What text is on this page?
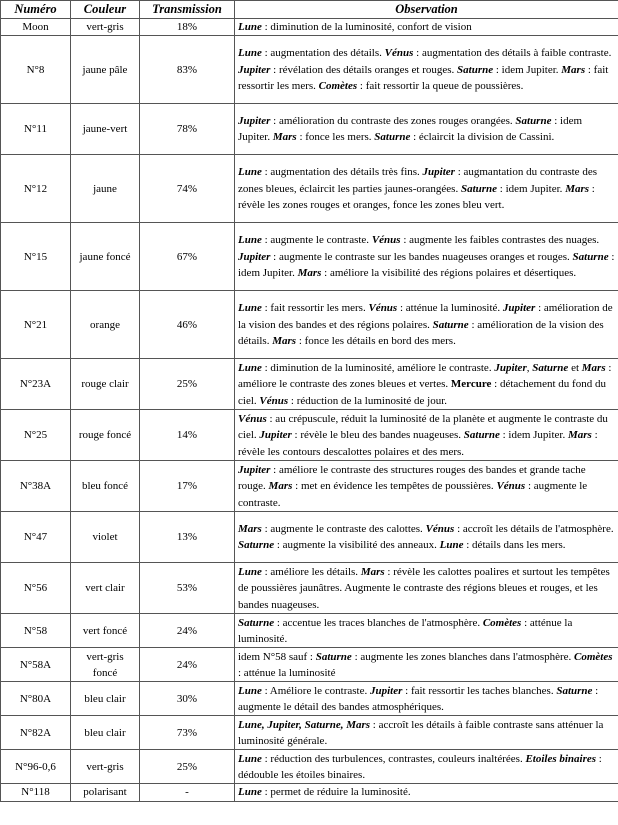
Numéro	Couleur	Transmission	Observation
Moon	vert-gris	18%	Lune : diminution de la luminosité, confort de vision
N°8	jaune pâle	83%	Lune : augmentation des détails. Vénus : augmentation des détails à faible contraste. Jupiter : révélation des détails oranges et rouges. Saturne : idem Jupiter. Mars : fait ressortir les mers. Comètes : fait ressortir la queue de poussières.
N°11	jaune-vert	78%	Jupiter : amélioration du contraste des zones rouges orangées. Saturne : idem Jupiter. Mars : fonce les mers. Saturne : éclaircit la division de Cassini.
N°12	jaune	74%	Lune : augmentation des détails très fins. Jupiter : augmantation du contraste des zones bleues, éclaircit les parties jaunes-orangées. Saturne : idem Jupiter. Mars : révèle les zones rouges et oranges, fonce les zones bleu vert.
N°15	jaune foncé	67%	Lune : augmente le contraste. Vénus : augmente les faibles contrastes des nuages. Jupiter : augmente le contraste sur les bandes nuageuses oranges et rouges. Saturne : idem Jupiter. Mars : améliore la visibilité des régions polaires et désertiques.
N°21	orange	46%	Lune : fait ressortir les mers. Vénus : atténue la luminosité. Jupiter : amélioration de la vision des bandes et des régions polaires. Saturne : amélioration de la vision des détails. Mars : fonce les détails en bord des mers.
N°23A	rouge clair	25%	Lune : diminution de la luminosité, améliore le contraste. Jupiter, Saturne et Mars : améliore le contraste des zones bleues et vertes. Mercure : détachement du fond du ciel. Vénus : réduction de la luminosité de jour.
N°25	rouge foncé	14%	Vénus : au crépuscule, réduit la luminosité de la planète et augmente le contraste du ciel. Jupiter : révèle le bleu des bandes nuageuses. Saturne : idem Jupiter. Mars : révèle les contours descalottes polaires et des mers.
N°38A	bleu foncé	17%	Jupiter : améliore le contraste des structures rouges des bandes et grande tache rouge. Mars : met en évidence les tempêtes de poussières. Vénus : augmente le contraste.
N°47	violet	13%	Mars : augmente le contraste des calottes. Vénus : accroît les détails de l'atmosphère. Saturne : augmente la visibilité des anneaux. Lune : détails dans les mers.
N°56	vert clair	53%	Lune : améliore les détails. Mars : révèle les calottes poalires et surtout les tempêtes de poussières jaunâtres. Augmente le contraste des régions bleues et rouges, et les bandes nuageuses.
N°58	vert foncé	24%	Saturne : accentue les traces blanches de l'atmosphère. Comètes : atténue la luminosité.
N°58A	vert-gris foncé	24%	idem N°58 sauf : Saturne : augmente les zones blanches dans l'atmosphère. Comètes : atténue la luminosité
N°80A	bleu clair	30%	Lune : Améliore le contraste. Jupiter : fait ressortir les taches blanches. Saturne : augmente le détail des bandes atmosphériques.
N°82A	bleu clair	73%	Lune, Jupiter, Saturne, Mars : accroît les détails à faible contraste sans atténuer la luminosité générale.
N°96-0,6	vert-gris	25%	Lune : réduction des turbulences, contrastes, couleurs inaltérées. Etoiles binaires : dédouble les étoiles binaires.
N°118	polarisant	-	Lune : permet de réduire la luminosité.
